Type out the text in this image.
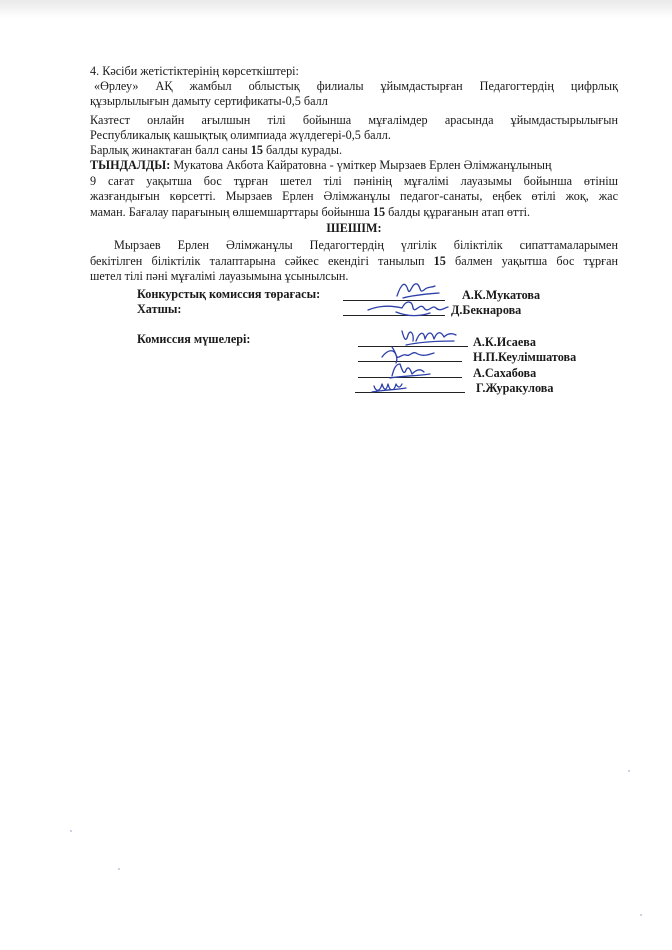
4. Кәсіби жетістіктерінің көрсеткіштері:
«Өрлеу» АҚ жамбыл облыстық филиалы ұйымдастырған Педагогтердің цифрлық
құзырлылығын дамыту сертификаты-0,5 балл
Казтест онлайн ағылшын тілі бойынша мұғалімдер арасында ұйымдастырылығын
Республикалық кашықтық олимпиада жүлдегері-0,5 балл.
Барлық жинактаған балл саны 15 балды курады.
ТЫНДАЛДЫ: Мукатова Акбота Кайратовна - үміткер Мырзаев Ерлен Әлімжанұлының
9 сағат уақытша бос тұрған шетел тілі пәнінің мұғалімі лауазымы бойынша өтініш
жазғандығын көрсетті. Мырзаев Ерлен Әлімжанұлы педагог-санаты, еңбек өтілі жоқ, жас
маман. Бағалау парағының өлшемшарттары бойынша 15 балды құрағанын атап өтті.
ШЕШІМ:
Мырзаев Ерлен Әлімжанұлы Педагогтердің үлгілік біліктілік сипаттамаларымен
бекітілген біліктілік талаптарына сәйкес екендігі танылып 15 балмен уақытша бос тұрған
шетел тілі пәні мұғалімі лауазымына ұсынылсын.
Конкурстық комиссия төрағасы:	А.К.Мукатова
Хатшы:	Д.Бекнарова
Комиссия мүшелері:	А.К.Исаева
Н.П.Кеулімшатова
А.Сахабова
Г.Журакулова
